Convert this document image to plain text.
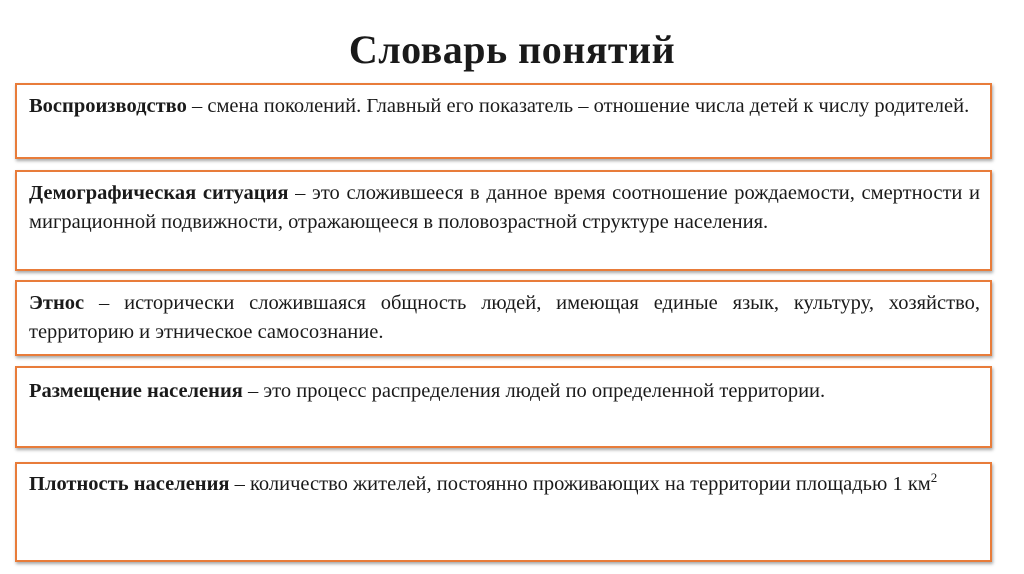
Словарь понятий
Воспроизводство – смена поколений. Главный его показатель – отношение числа детей к числу родителей.
Демографическая ситуация – это сложившееся в данное время соотношение рождаемости, смертности и миграционной подвижности, отражающееся в половозрастной структуре населения.
Этнос – исторически сложившаяся общность людей, имеющая единые язык, культуру, хозяйство, территорию и этническое самосознание.
Размещение населения – это процесс распределения людей по определенной территории.
Плотность населения – количество жителей, постоянно проживающих на территории площадью 1 $км^2$
